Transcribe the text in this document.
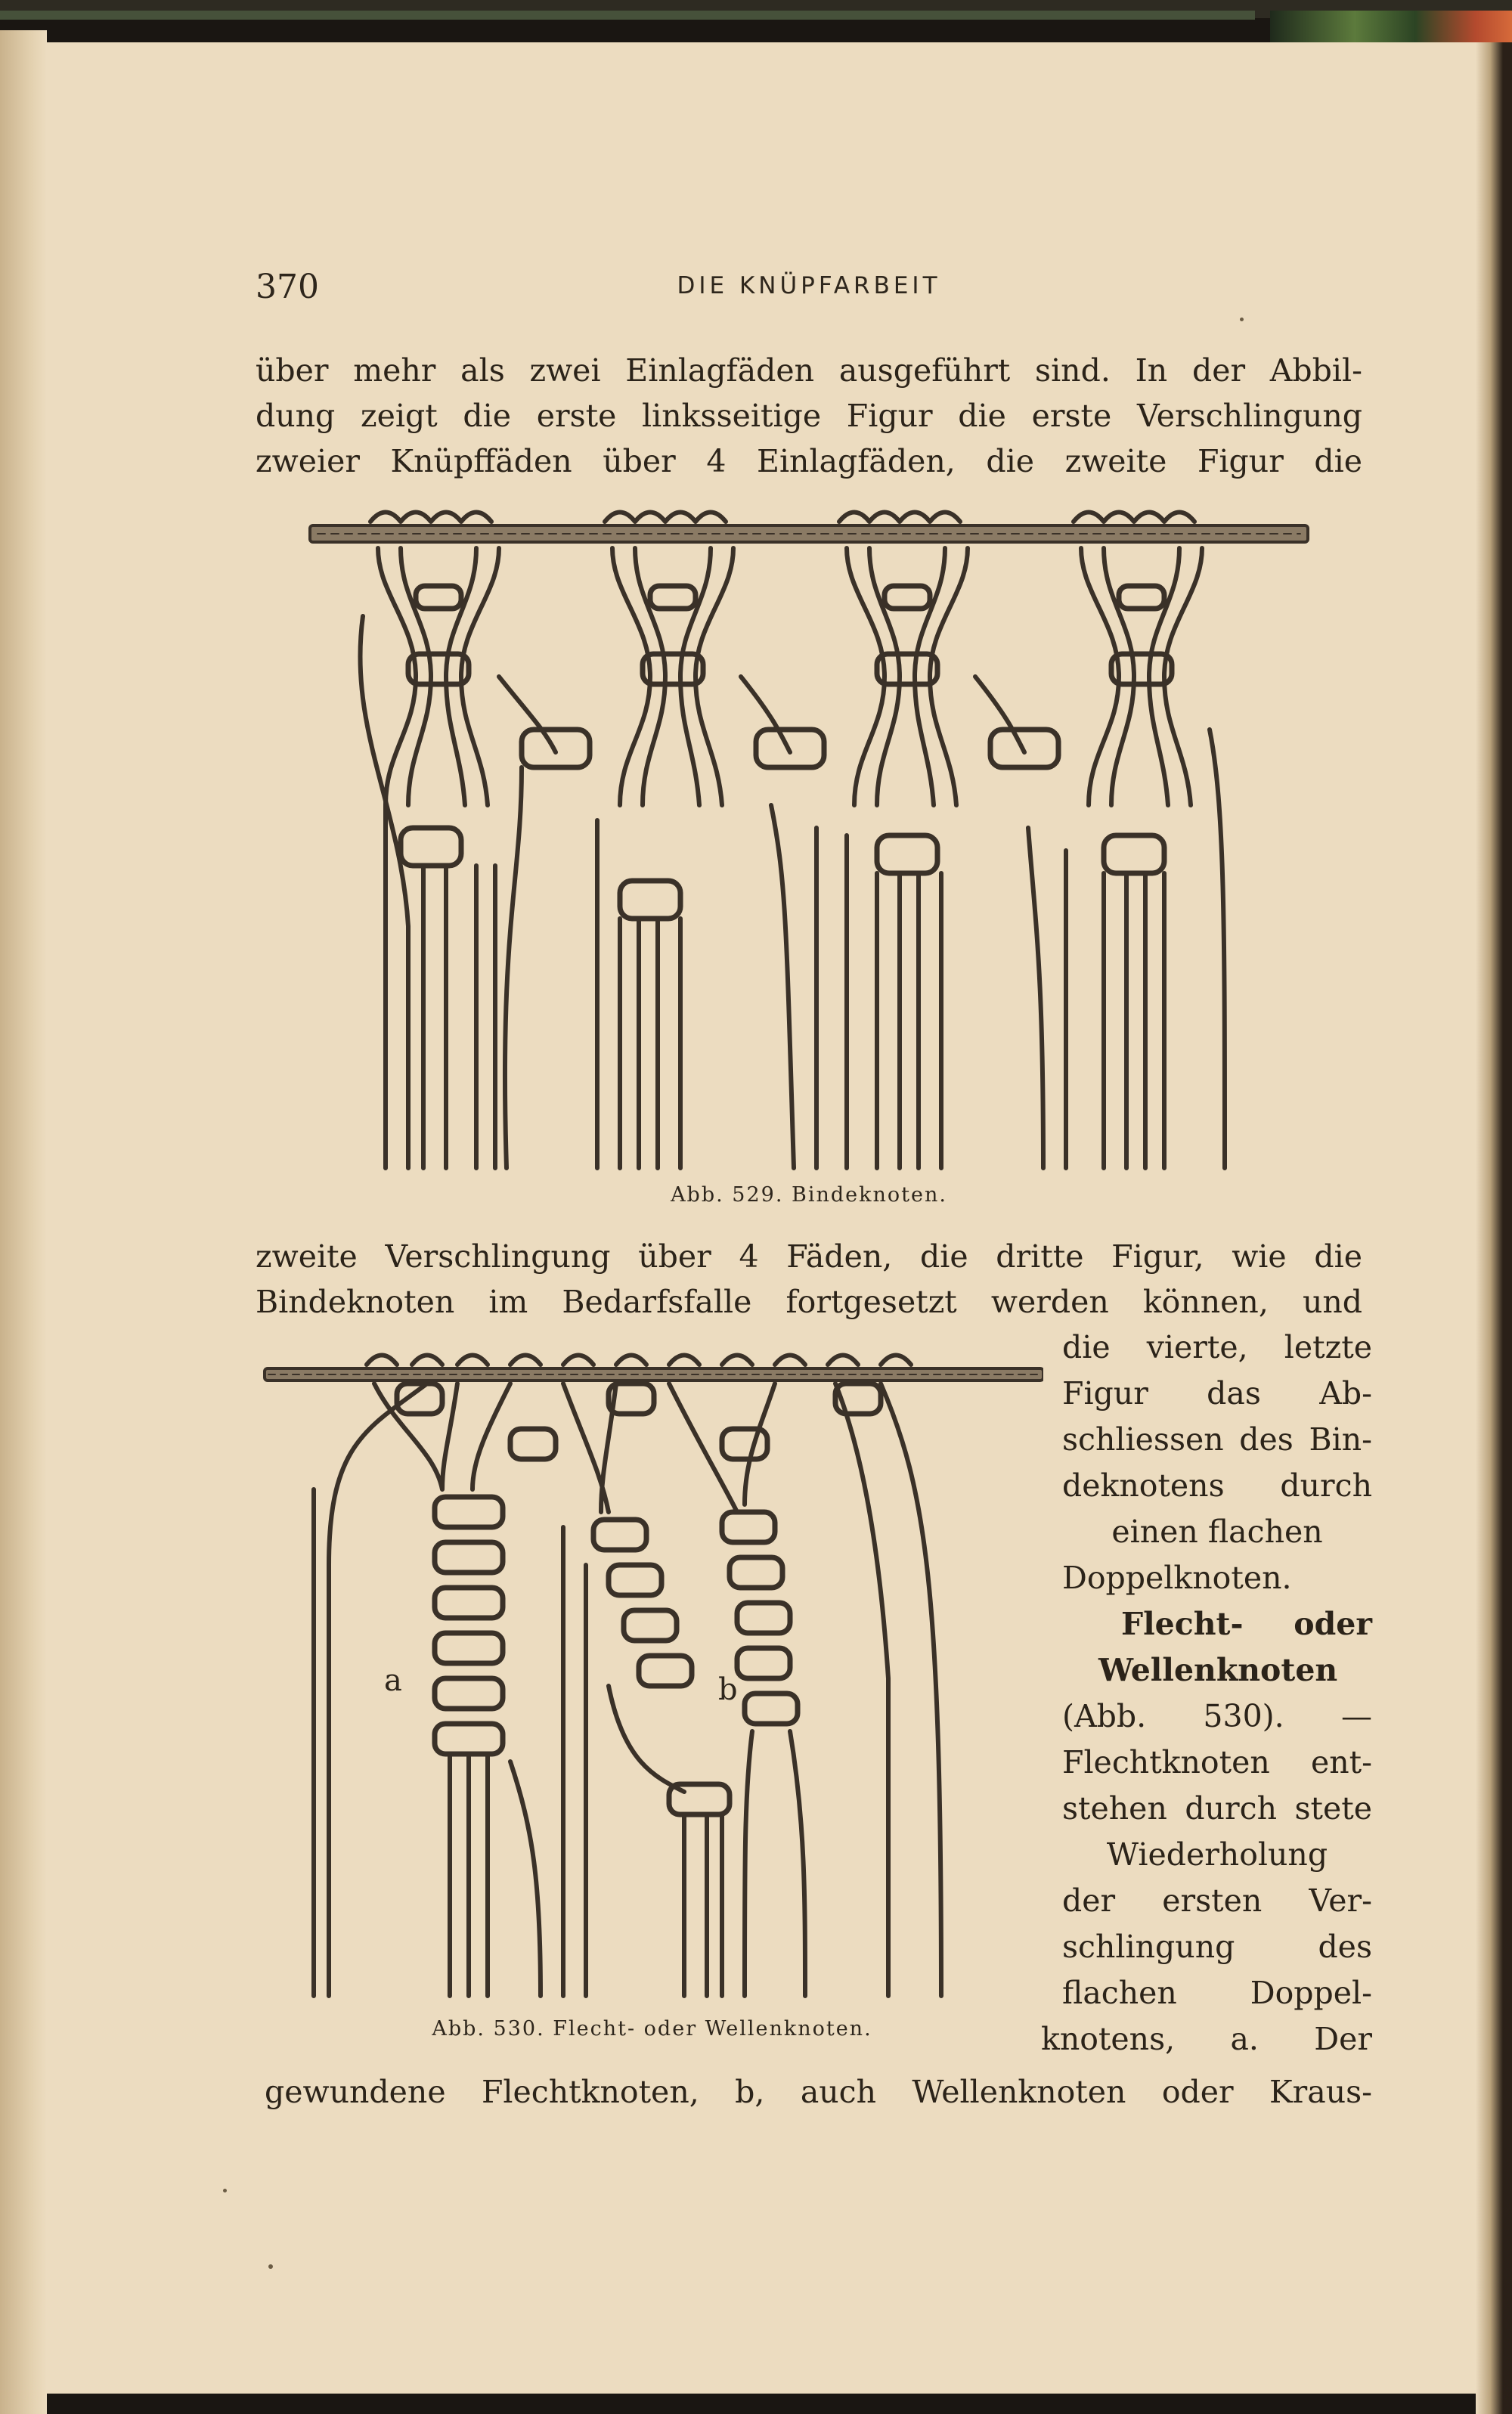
370	DIE KNÜPFARBEIT
über mehr als zwei Einlagfäden ausgeführt sind. In der Abbil-
dung zeigt die erste linksseitige Figur die erste Verschlingung
zweier Knüpffäden über 4 Einlagfäden, die zweite Figur die
Abb. 529. Bindeknoten.
zweite Verschlingung über 4 Fäden, die dritte Figur, wie die
Bindeknoten im Bedarfsfalle fortgesetzt werden können, und
a	b
Abb. 530. Flecht- oder Wellenknoten.
die vierte, letzte
Figur das Ab-
schliessen des Bin-
deknotens durch
einen flachen
Doppelknoten.
Flecht- oder
Wellenknoten
(Abb. 530). —
Flechtknoten ent-
stehen durch stete
Wiederholung
der ersten Ver-
schlingung des
flachen Doppel-
knotens, a. Der
gewundene Flechtknoten, b, auch Wellenknoten oder Kraus-
